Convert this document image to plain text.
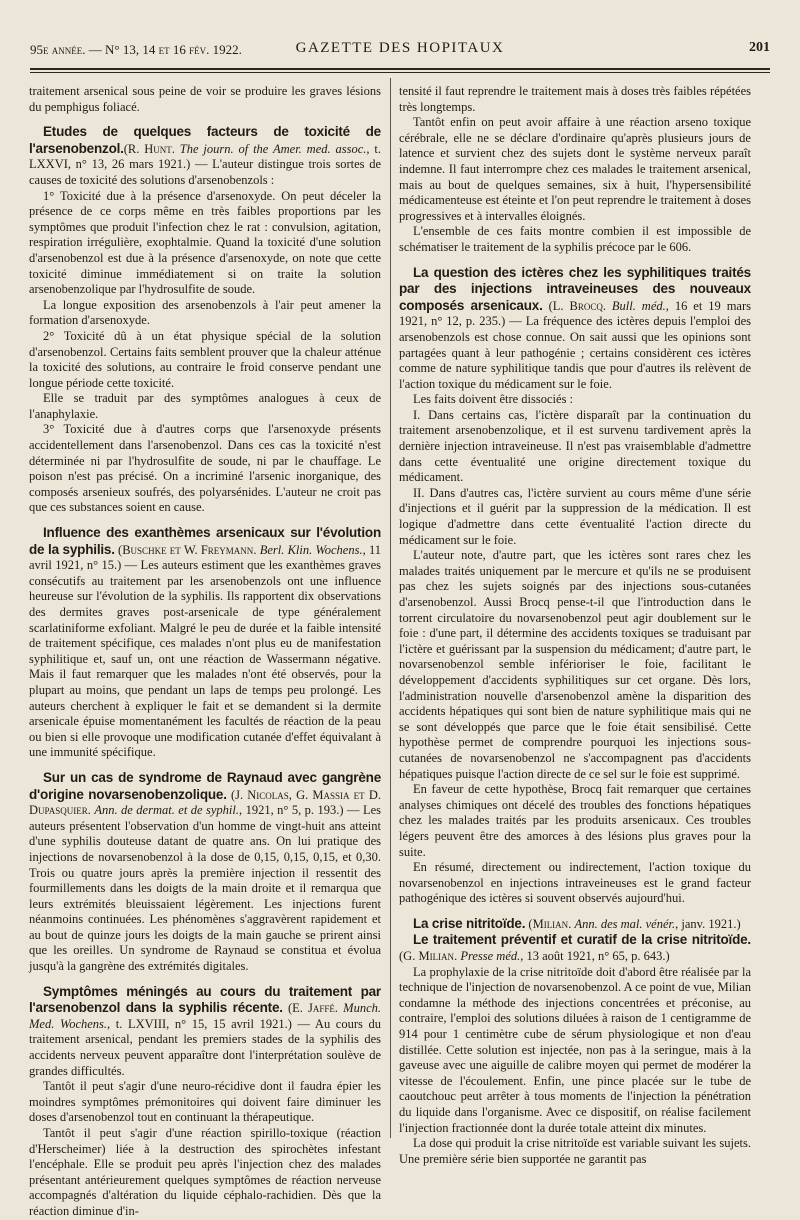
95e année. — N° 13, 14 et 16 fév. 1922.	GAZETTE DES HOPITAUX	201

traitement arsenical sous peine de voir se produire les graves lésions du pemphigus foliacé.

Etudes de quelques facteurs de toxicité de l'arsenobenzol.(R. Hunt. The journ. of the Amer. med. assoc., t. LXXVI, n° 13, 26 mars 1921.) — L'auteur distingue trois sortes de causes de toxicité des solutions d'arsenobenzols :

1° Toxicité due à la présence d'arsenoxyde. On peut déceler la présence de ce corps même en très faibles proportions par les symptômes que produit l'infection chez le rat : convulsion, agitation, respiration irrégulière, exophtalmie. Quand la toxicité d'une solution d'arsenobenzol est due à la présence d'arsenoxyde, on note que cette toxicité diminue immédiatement si on traite la solution arsenobenzolique par l'hydrosulfite de soude.

La longue exposition des arsenobenzols à l'air peut amener la formation d'arsenoxyde.

2° Toxicité dû à un état physique spécial de la solution d'arsenobenzol. Certains faits semblent prouver que la chaleur atténue la toxicité des solutions, au contraire le froid conserve pendant une longue période cette toxicité.

Elle se traduit par des symptômes analogues à ceux de l'anaphylaxie.

3° Toxicité due à d'autres corps que l'arsenoxyde présents accidentellement dans l'arsenobenzol. Dans ces cas la toxicité n'est déterminée ni par l'hydrosulfite de soude, ni par le chauffage. Le poison n'est pas précisé. On a incriminé l'arsenic inorganique, des composés arsenieux soufrés, des polyarsénides. L'auteur ne croit pas que ces substances soient en cause.

Influence des exanthèmes arsenicaux sur l'évolution de la syphilis. (Buschke et W. Freymann. Berl. Klin. Wochens., 11 avril 1921, n° 15.) — Les auteurs estiment que les exanthèmes graves consécutifs au traitement par les arsenobenzols ont une influence heureuse sur l'évolution de la syphilis. Ils rapportent dix observations des dermites graves post-arsenicale de type généralement scarlatiniforme exfoliant. Malgré le peu de durée et la faible intensité de traitement spécifique, ces malades n'ont plus eu de manifestation syphilitique et, sauf un, ont une réaction de Wassermann négative. Mais il faut remarquer que les malades n'ont été observés, pour la plupart au moins, que pendant un laps de temps peu prolongé. Les auteurs cherchent à expliquer le fait et se demandent si la dermite arsenicale épuise momentanément les facultés de réaction de la peau ou bien si elle provoque une modification cutanée d'effet équivalant à une immunité spécifique.

Sur un cas de syndrome de Raynaud avec gangrène d'origine novarsenobenzolique. (J. Nicolas, G. Massia et D. Dupasquier. Ann. de dermat. et de syphil., 1921, n° 5, p. 193.) — Les auteurs présentent l'observation d'un homme de vingt-huit ans atteint d'une syphilis douteuse datant de quatre ans. On lui pratique des injections de novarsenobenzol à la dose de 0,15, 0,15, 0,15, et 0,30. Trois ou quatre jours après la première injection il ressentit des fourmillements dans les doigts de la main droite et il remarqua que leurs extrémités bleuissaient légèrement. Les injections furent néanmoins continuées. Les phénomènes s'aggravèrent rapidement et au bout de quinze jours les doigts de la main gauche se prirent ainsi que les oreilles. Un syndrome de Raynaud se constitua et évolua jusqu'à la gangrène des extrémités digitales.

Symptômes méningés au cours du traitement par l'arsenobenzol dans la syphilis récente. (E. Jaffé. Munch. Med. Wochens., t. LXVIII, n° 15, 15 avril 1921.) — Au cours du traitement arsenical, pendant les premiers stades de la syphilis des accidents nerveux peuvent apparaître dont l'interprétation soulève de grandes difficultés.

Tantôt il peut s'agir d'une neuro-récidive dont il faudra épier les moindres symptômes prémonitoires qui doivent faire diminuer les doses d'arsenobenzol tout en continuant la thérapeutique.

Tantôt il peut s'agir d'une réaction spirillo-toxique (réaction d'Herscheimer) liée à la destruction des spirochètes infestant l'encéphale. Elle se produit peu après l'injection chez des malades présentant antérieurement quelques symptômes de réaction nerveuse accompagnés d'altération du liquide céphalo-rachidien. Dès que la réaction diminue d'in-

tensité il faut reprendre le traitement mais à doses très faibles répétées très longtemps.

Tantôt enfin on peut avoir affaire à une réaction arseno toxique cérébrale, elle ne se déclare d'ordinaire qu'après plusieurs jours de latence et survient chez des sujets dont le système nerveux paraît indemne. Il faut interrompre chez ces malades le traitement arsenical, mais au bout de quelques semaines, six à huit, l'hypersensibilité médicamenteuse est éteinte et l'on peut reprendre le traitement à doses progressives et à intervalles éloignés.

L'ensemble de ces faits montre combien il est impossible de schématiser le traitement de la syphilis précoce par le 606.

La question des ictères chez les syphilitiques traités par des injections intraveineuses des nouveaux composés arsenicaux. (L. Brocq. Bull. méd., 16 et 19 mars 1921, n° 12, p. 235.) — La fréquence des ictères depuis l'emploi des arsenobenzols est chose connue. On sait aussi que les opinions sont partagées quant à leur pathogénie ; certains considèrent ces ictères comme de nature syphilitique tandis que pour d'autres ils relèvent de l'action toxique du médicament sur le foie.

Les faits doivent être dissociés :

I. Dans certains cas, l'ictère disparaît par la continuation du traitement arsenobenzolique, et il est survenu tardivement après la dernière injection intraveineuse. Il n'est pas vraisemblable d'admettre dans cette éventualité une origine directement toxique du médicament.

II. Dans d'autres cas, l'ictère survient au cours même d'une série d'injections et il guérit par la suppression de la médication. Il est logique d'admettre dans cette éventualité l'action directe du médicament sur le foie.

L'auteur note, d'autre part, que les ictères sont rares chez les malades traités uniquement par le mercure et qu'ils ne se produisent pas chez les sujets soignés par des injections sous-cutanées d'arsenobenzol. Aussi Brocq pense-t-il que l'introduction dans le torrent circulatoire du novarsenobenzol peut agir doublement sur le foie : d'une part, il détermine des accidents toxiques se traduisant par l'ictère et guérissant par la suspension du médicament; d'autre part, le novarsenobenzol semble inférioriser le foie, facilitant le développement d'accidents syphilitiques sur cet organe. Dès lors, l'administration nouvelle d'arsenobenzol amène la disparition des accidents hépatiques qui sont bien de nature syphilitique mais qui ne se sont développés que parce que le foie était sensibilisé. Cette hypothèse permet de comprendre pourquoi les injections sous-cutanées de novarsenobenzol ne s'accompagnent pas d'accidents hépatiques puisque l'action directe de ce sel sur le foie est supprimé.

En faveur de cette hypothèse, Brocq fait remarquer que certaines analyses chimiques ont décelé des troubles des fonctions hépatiques chez les malades traités par les produits arsenicaux. Ces troubles légers peuvent être des amorces à des lésions plus graves pour la suite.

En résumé, directement ou indirectement, l'action toxique du novarsenobenzol en injections intraveineuses est le grand facteur pathogénique des ictères si souvent observés aujourd'hui.

La crise nitritoïde. (Milian. Ann. des mal. vénér., janv. 1921.)

Le traitement préventif et curatif de la crise nitritoïde. (G. Milian. Presse méd., 13 août 1921, n° 65, p. 643.)

La prophylaxie de la crise nitritoïde doit d'abord être réalisée par la technique de l'injection de novarsenobenzol. A ce point de vue, Milian condamne la méthode des injections concentrées et préconise, au contraire, l'emploi des solutions diluées à raison de 1 centigramme de 914 pour 1 centimètre cube de sérum physiologique et non d'eau distillée. Cette solution est injectée, non pas à la seringue, mais à la gaveuse avec une aiguille de calibre moyen qui permet de modérer la vitesse de l'écoulement. Enfin, une pince placée sur le tube de caoutchouc peut arrêter à tous moments de l'injection la pénétration du liquide dans l'organisme. Avec ce dispositif, on réalise facilement l'injection fractionnée dont la durée totale atteint dix minutes.

La dose qui produit la crise nitritoïde est variable suivant les sujets. Une première série bien supportée ne garantit pas
